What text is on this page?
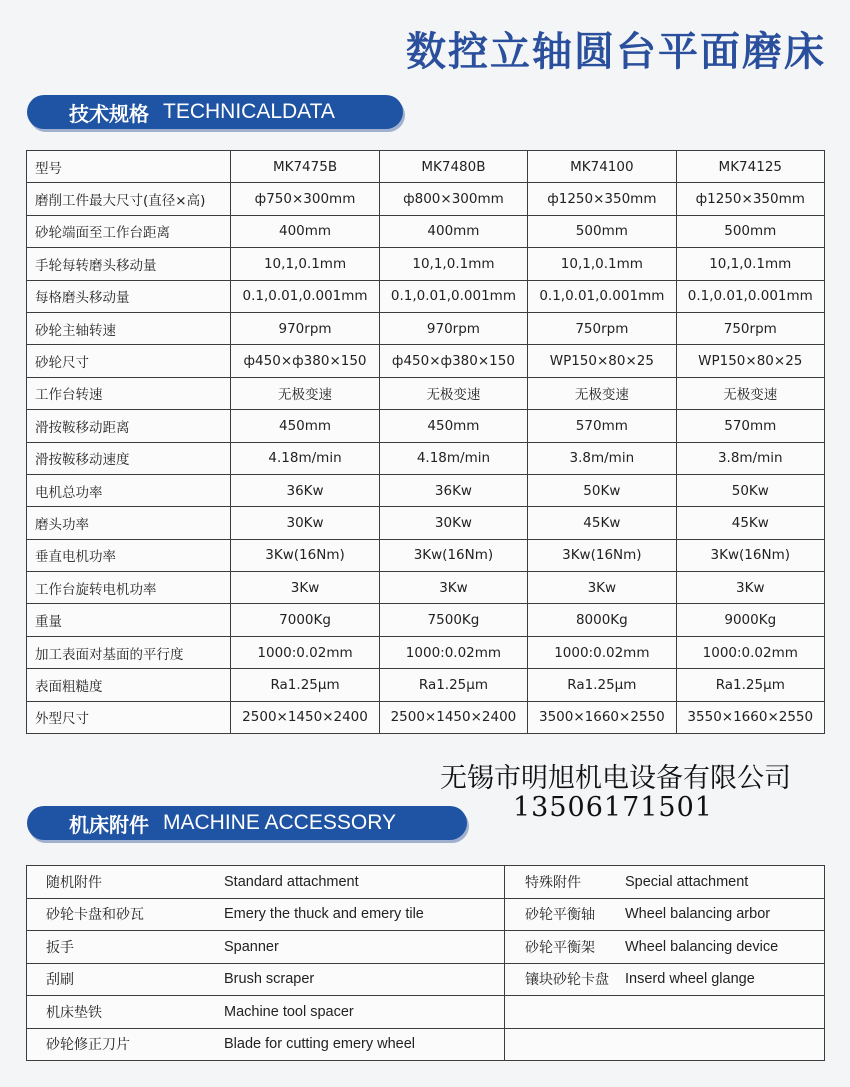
数控立轴圆台平面磨床
技术规格 TECHNICALDATA
型号	MK7475B	MK7480B	MK74100	MK74125
磨削工件最大尺寸(直径×高)	ф750×300mm	ф800×300mm	ф1250×350mm	ф1250×350mm
砂轮端面至工作台距离	400mm	400mm	500mm	500mm
手轮每转磨头移动量	10,1,0.1mm	10,1,0.1mm	10,1,0.1mm	10,1,0.1mm
每格磨头移动量	0.1,0.01,0.001mm	0.1,0.01,0.001mm	0.1,0.01,0.001mm	0.1,0.01,0.001mm
砂轮主轴转速	970rpm	970rpm	750rpm	750rpm
砂轮尺寸	ф450×ф380×150	ф450×ф380×150	WP150×80×25	WP150×80×25
工作台转速	无极变速	无极变速	无极变速	无极变速
滑按鞍移动距离	450mm	450mm	570mm	570mm
滑按鞍移动速度	4.18m/min	4.18m/min	3.8m/min	3.8m/min
电机总功率	36Kw	36Kw	50Kw	50Kw
磨头功率	30Kw	30Kw	45Kw	45Kw
垂直电机功率	3Kw(16Nm)	3Kw(16Nm)	3Kw(16Nm)	3Kw(16Nm)
工作台旋转电机功率	3Kw	3Kw	3Kw	3Kw
重量	7000Kg	7500Kg	8000Kg	9000Kg
加工表面对基面的平行度	1000:0.02mm	1000:0.02mm	1000:0.02mm	1000:0.02mm
表面粗糙度	Ra1.25μm	Ra1.25μm	Ra1.25μm	Ra1.25μm
外型尺寸	2500×1450×2400	2500×1450×2400	3500×1660×2550	3550×1660×2550
无锡市明旭机电设备有限公司
13506171501
机床附件 MACHINE ACCESSORY
随机附件	Standard attachment	特殊附件	Special attachment
砂轮卡盘和砂瓦	Emery the thuck and emery tile	砂轮平衡轴	Wheel balancing arbor
扳手	Spanner	砂轮平衡架	Wheel balancing device
刮刷	Brush scraper	镶块砂轮卡盘	Inserd wheel glange
机床垫铁	Machine tool spacer		
砂轮修正刀片	Blade for cutting emery wheel		
